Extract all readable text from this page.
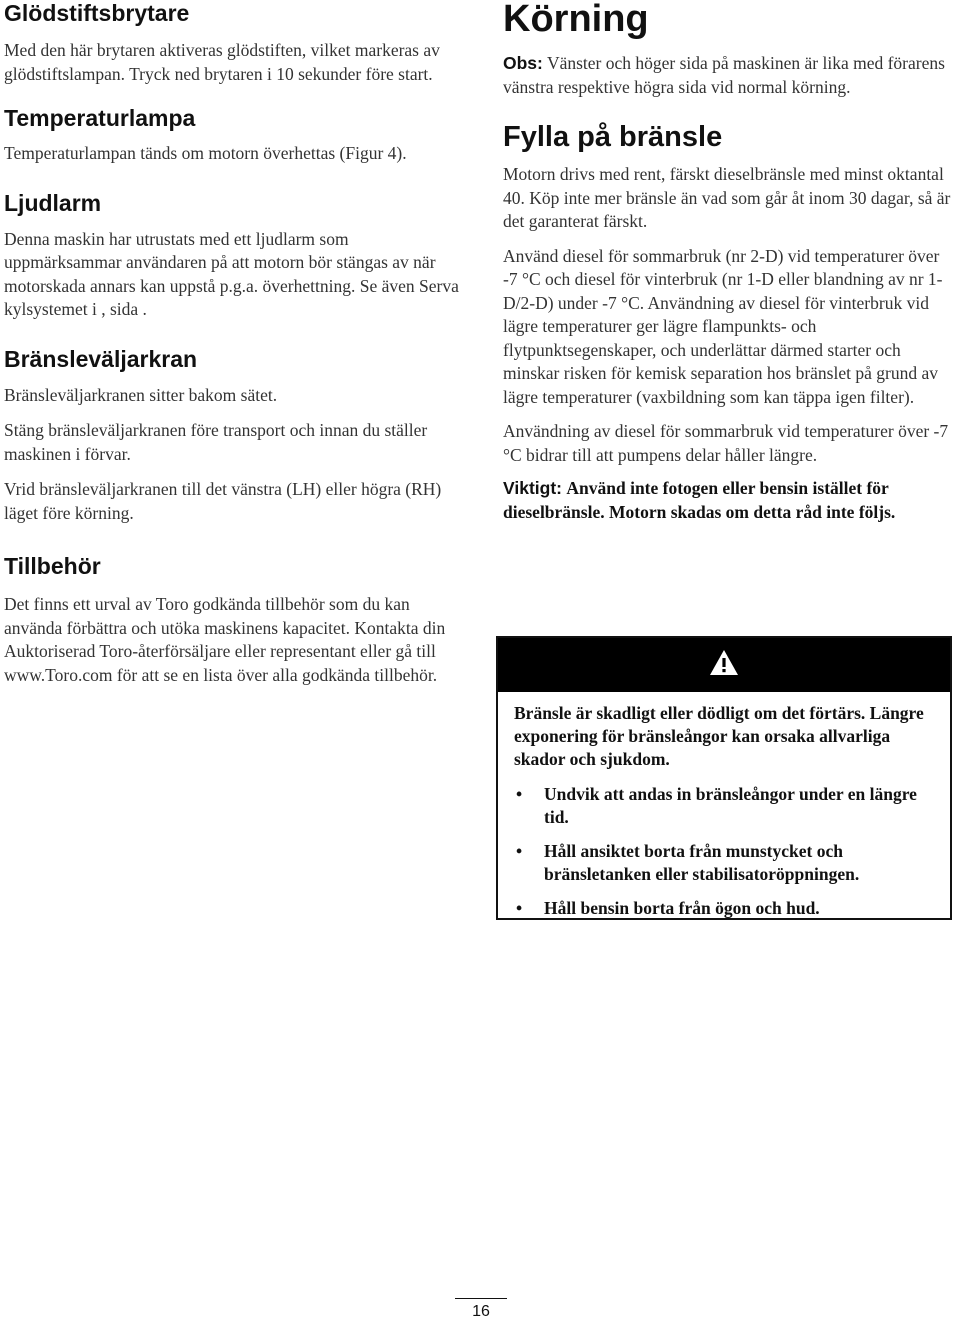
Glödstiftsbrytare

Med den här brytaren aktiveras glödstiften, vilket markeras av glödstiftslampan. Tryck ned brytaren i 10 sekunder före start.

Temperaturlampa

Temperaturlampan tänds om motorn överhettas (Figur 4).

Ljudlarm

Denna maskin har utrustats med ett ljudlarm som uppmärksammar användaren på att motorn bör stängas av när motorskada annars kan uppstå p.g.a. överhettning. Se även Serva kylsystemet i , sida .

Bränsleväljarkran

Bränsleväljarkranen sitter bakom sätet.

Stäng bränsleväljarkranen före transport och innan du ställer maskinen i förvar.

Vrid bränsleväljarkranen till det vänstra (LH) eller högra (RH) läget före körning.

Tillbehör

Det finns ett urval av Toro godkända tillbehör som du kan använda förbättra och utöka maskinens kapacitet. Kontakta din Auktoriserad Toro-återförsäljare eller representant eller gå till www.Toro.com för att se en lista över alla godkända tillbehör.

Körning

Obs: Vänster och höger sida på maskinen är lika med förarens vänstra respektive högra sida vid normal körning.

Fylla på bränsle

Motorn drivs med rent, färskt dieselbränsle med minst oktantal 40. Köp inte mer bränsle än vad som går åt inom 30 dagar, så är det garanterat färskt.

Använd diesel för sommarbruk (nr 2-D) vid temperaturer över -7 °C och diesel för vinterbruk (nr 1-D eller blandning av nr 1-D/2-D) under -7 °C. Användning av diesel för vinterbruk vid lägre temperaturer ger lägre flampunkts- och flytpunktsegenskaper, och underlättar därmed starter och minskar risken för kemisk separation hos bränslet på grund av lägre temperaturer (vaxbildning som kan täppa igen filter).

Användning av diesel för sommarbruk vid temperaturer över -7 °C bidrar till att pumpens delar håller längre.

Viktigt: Använd inte fotogen eller bensin istället för dieselbränsle. Motorn skadas om detta råd inte följs.

Bränsle är skadligt eller dödligt om det förtärs. Längre exponering för bränsleångor kan orsaka allvarliga skador och sjukdom.

• Undvik att andas in bränsleångor under en längre tid.
• Håll ansiktet borta från munstycket och bränsletanken eller stabilisatoröppningen.
• Håll bensin borta från ögon och hud.
16
